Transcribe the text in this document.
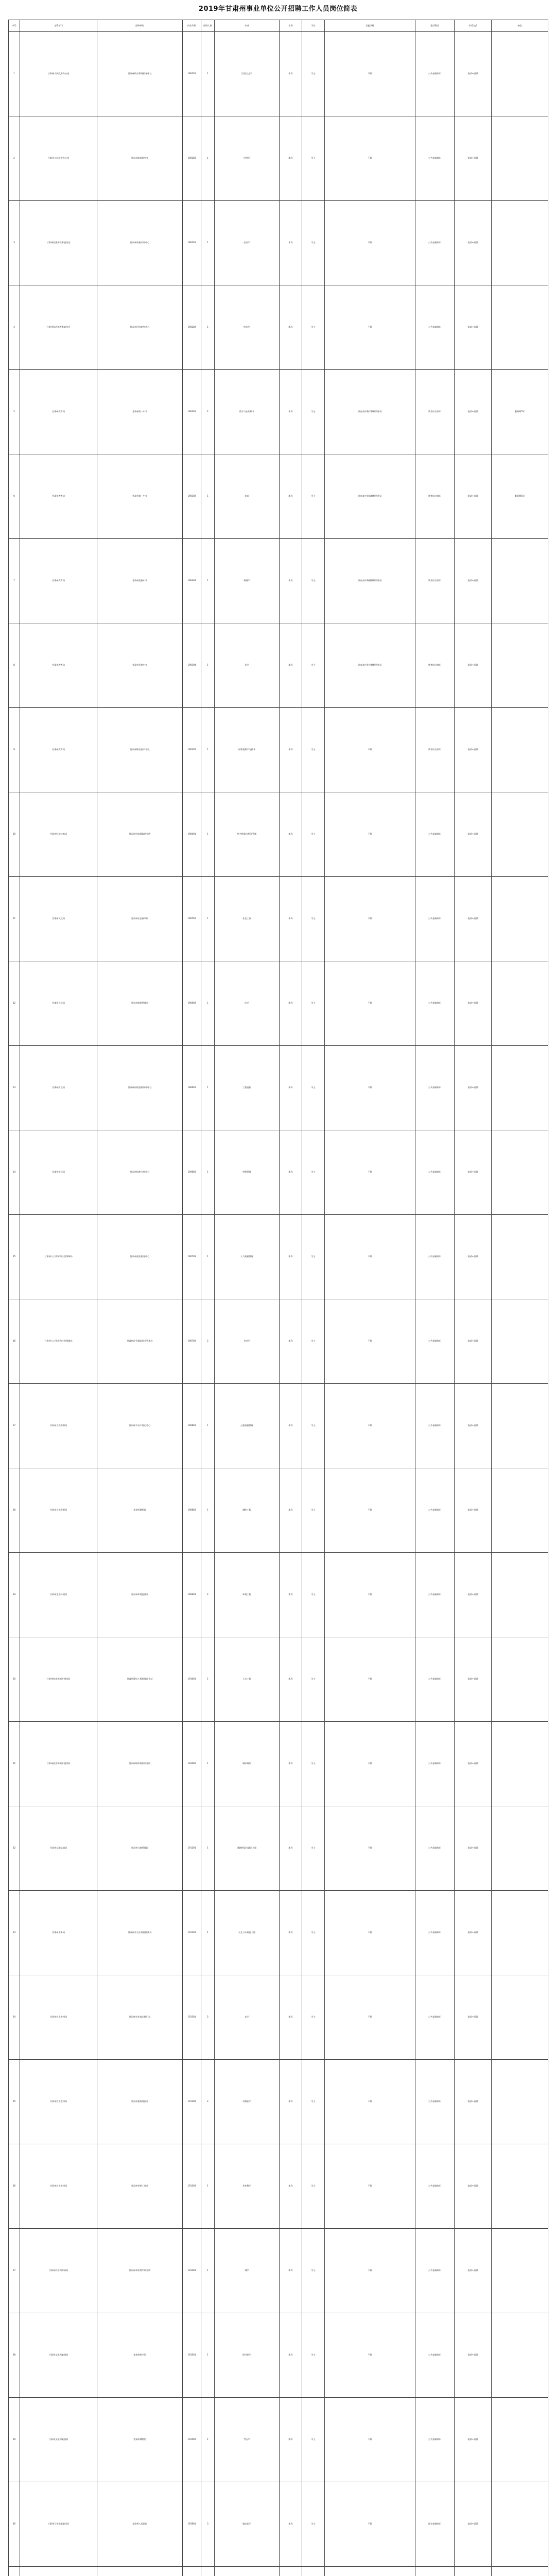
2019年甘肃州事业单位公开招聘工作人员岗位简表
序号	主管部门	招聘单位	岗位代码	招聘人数	专业	学历	学位	其他条件	笔试科目	考试方式	备注
1	甘肃州人民政府办公室	甘肃州机关事务服务中心	190101	1	汉语言文学	本科	学士	不限	公共基础知识	笔试+面试	
2	甘肃州人民政府办公室	甘肃州政府研究室	190102	1	经济学	本科	学士	不限	公共基础知识	笔试+面试	
3	甘肃州发展和改革委员会	甘肃州价格认证中心	190201	1	会计学	本科	学士	不限	公共基础知识	笔试+面试	
4	甘肃州发展和改革委员会	甘肃州经济研究中心	190202	1	统计学	本科	学士	不限	公共基础知识	笔试+面试	
5	甘肃州教育局	甘肃州第一中学	190301	2	数学与应用数学	本科	学士	具有高中数学教师资格证	教育综合知识	笔试+面试	服务期5年
6	甘肃州教育局	甘肃州第一中学	190302	1	英语	本科	学士	具有高中英语教师资格证	教育综合知识	笔试+面试	服务期5年
7	甘肃州教育局	甘肃州民族中学	190303	1	物理学	本科	学士	具有高中物理教师资格证	教育综合知识	笔试+面试	
8	甘肃州教育局	甘肃州民族中学	190304	1	化学	本科	学士	具有高中化学教师资格证	教育综合知识	笔试+面试	
9	甘肃州教育局	甘肃州职业技术学校	190305	1	计算机科学与技术	本科	学士	不限	教育综合知识	笔试+面试	
10	甘肃州科学技术局	甘肃州科技情报研究所	190401	1	图书情报与档案管理	本科	学士	不限	公共基础知识	笔试+面试	
11	甘肃州民政局	甘肃州社会福利院	190501	1	社会工作	本科	学士	不限	公共基础知识	笔试+面试	
12	甘肃州民政局	甘肃州救助管理站	190502	1	法学	本科	学士	不限	公共基础知识	笔试+面试	
13	甘肃州财政局	甘肃州财政投资评审中心	190601	1	工程造价	本科	学士	不限	公共基础知识	笔试+面试	
14	甘肃州财政局	甘肃州国库支付中心	190602	1	财务管理	本科	学士	不限	公共基础知识	笔试+面试	
15	甘肃州人力资源和社会保障局	甘肃州就业服务中心	190701	1	人力资源管理	本科	学士	不限	公共基础知识	笔试+面试	
16	甘肃州人力资源和社会保障局	甘肃州社会保险事业管理局	190702	2	会计学	本科	学士	不限	公共基础知识	笔试+面试	
17	甘肃州自然资源局	甘肃州不动产登记中心	190801	1	土地资源管理	本科	学士	不限	公共基础知识	笔试+面试	
18	甘肃州自然资源局	甘肃州测绘院	190802	1	测绘工程	本科	学士	不限	公共基础知识	笔试+面试	
19	甘肃州生态环境局	甘肃州环境监测站	190901	2	环境工程	本科	学士	不限	公共基础知识	笔试+面试	
20	甘肃州住房和城乡建设局	甘肃州建设工程质量监督站	191001	1	土木工程	本科	学士	不限	公共基础知识	笔试+面试	
21	甘肃州住房和城乡建设局	甘肃州城市规划设计院	191002	1	城乡规划	本科	学士	不限	公共基础知识	笔试+面试	
22	甘肃州交通运输局	甘肃州公路管理段	191101	1	道路桥梁与渡河工程	本科	学士	不限	公共基础知识	笔试+面试	
23	甘肃州水务局	甘肃州水文水资源勘测局	191201	1	水文与水资源工程	本科	学士	不限	公共基础知识	笔试+面试	
24	甘肃州农业农村局	甘肃州农业技术推广站	191301	2	农学	本科	学士	不限	公共基础知识	笔试+面试	
25	甘肃州农业农村局	甘肃州畜牧兽医站	191302	2	动物医学	本科	学士	不限	公共基础知识	笔试+面试	
26	甘肃州农业农村局	甘肃州草原工作站	191303	1	草业科学	本科	学士	不限	公共基础知识	笔试+面试	
27	甘肃州林业和草原局	甘肃州林业科学研究所	191401	1	林学	本科	学士	不限	公共基础知识	笔试+面试	
28	甘肃州文化和旅游局	甘肃州图书馆	191501	1	图书馆学	本科	学士	不限	公共基础知识	笔试+面试	
29	甘肃州文化和旅游局	甘肃州博物馆	191502	1	考古学	本科	学士	不限	公共基础知识	笔试+面试	
30	甘肃州卫生健康委员会	甘肃州人民医院	191601	3	临床医学	本科	学士	不限	医学基础知识	笔试+面试	
